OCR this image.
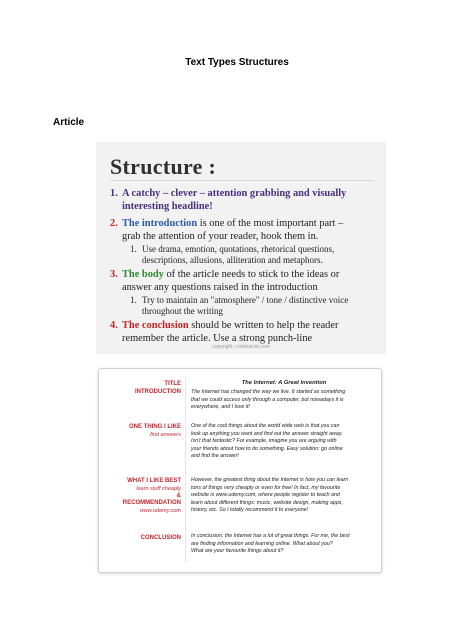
Text Types Structures
Article
Structure :
1. A catchy – clever – attention grabbing and visually
interesting headline!
2. The introduction is one of the most important part –
grab the attention of your reader, hook them in.
1. Use drama, emotion, quotations, rhetorical questions,
descriptions, allusions, alliteration and metaphors.
3. The body of the article needs to stick to the ideas or
answer any questions raised in the introduction
1. Try to maintain an "atmosphere" / tone / distinctive voice
throughout the writing
4. The conclusion should be written to help the reader
remember the article. Use a strong punch-line
copyright: cristinaclar.com
TITLE
INTRODUCTION
ONE THING I LIKE
find answers
WHAT I LIKE BEST
learn stuff cheaply
&
RECOMMENDATION
www.udemy.com
CONCLUSION
The Internet: A Great Invention
The Internet has changed the way we live. It started as something
that we could access only through a computer, but nowadays it is
everywhere, and I love it!
One of the cool things about the world wide web is that you can
look up anything you want and find out the answer straight away.
Isn't that fantastic? For example, imagine you are arguing with
your friends about how to do something. Easy solution: go online
and find the answer!
However, the greatest thing about the Internet is how you can learn
tons of things very cheaply or even for free! In fact, my favourite
website is www.udemy.com, where people register to teach and
learn about different things: music, website design, making apps,
history, etc. So I totally recommend it to everyone!
In conclusion, the Internet has a lot of great things. For me, the best
are finding information and learning online. What about you?
What are your favourite things about it?
